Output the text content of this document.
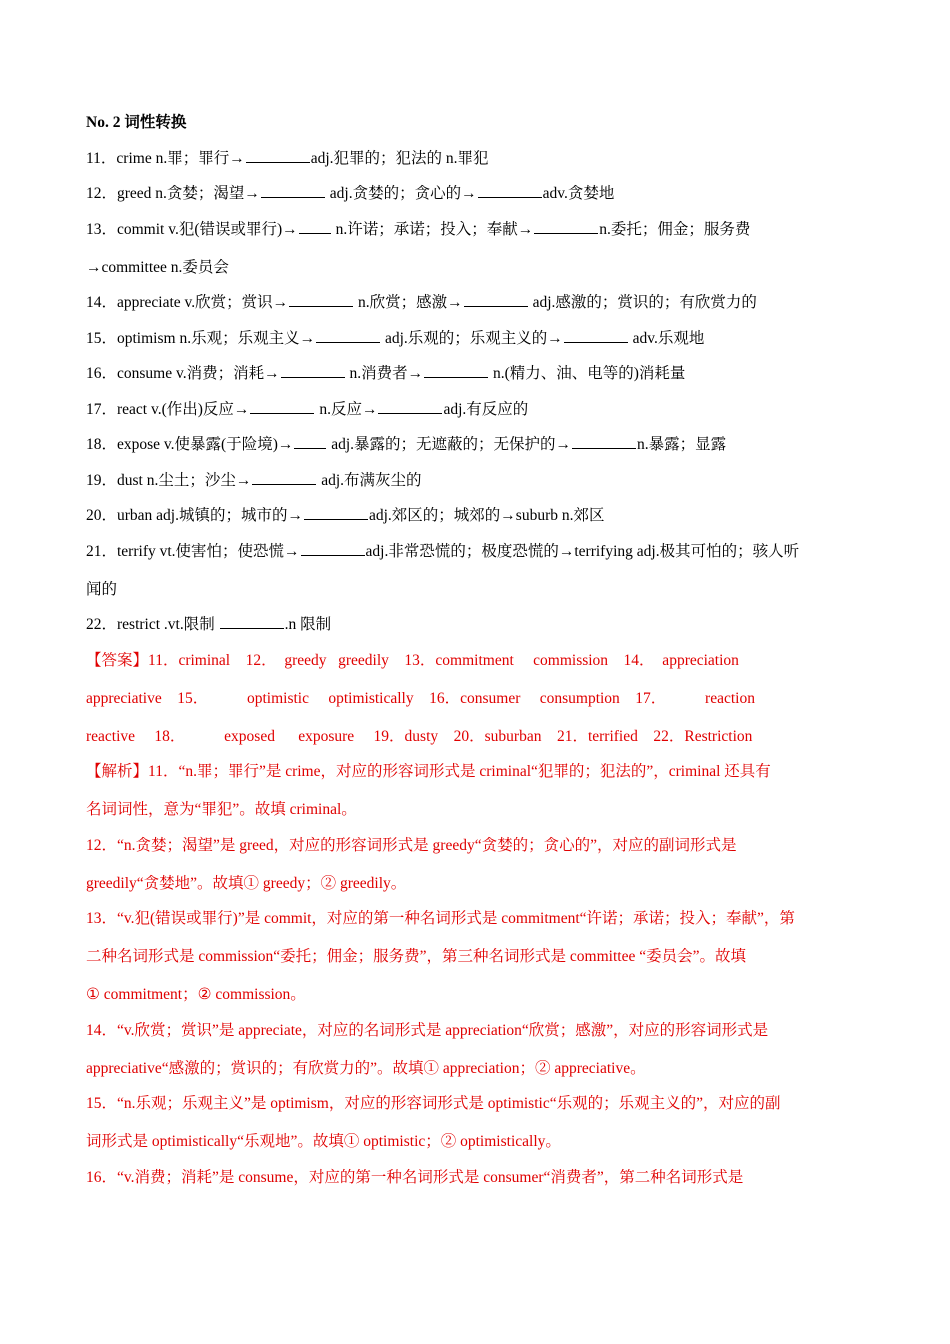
No. 2 词性转换

11．crime n.罪；罪行→	adj.犯罪的；犯法的 n.罪犯

12．greed n.贪婪；渴望→	adj.贪婪的；贪心的→	adv.贪婪地

13．commit v.犯(错误或罪行)→ n.许诺；承诺；投入；奉献→	n.委托；佣金；服务费

→committee n.委员会

14．appreciate v.欣赏；赏识→	n.欣赏；感激→	adj.感激的；赏识的；有欣赏力的

15．optimism n.乐观；乐观主义→	adj.乐观的；乐观主义的→	adv.乐观地

16．consume v.消费；消耗→	n.消费者→	n.(精力、油、电等的)消耗量

17．react v.(作出)反应→	n.反应→	adj.有反应的

18．expose v.使暴露(于险境)→ adj.暴露的；无遮蔽的；无保护的→	n.暴露；显露

19．dust n.尘土；沙尘→	adj.布满灰尘的

20．urban adj.城镇的；城市的→	adj.郊区的；城郊的→suburb n.郊区

21．terrify vt.使害怕；使恐慌→	adj.非常恐慌的；极度恐慌的→terrifying adj.极其可怕的；骇人听

闻的

22．restrict .vt.限制	.n 限制

【答案】11．criminal    12．  greedy   greedily    13．commitment     commission    14．  appreciation

appreciative    15．          optimistic     optimistically    16．consumer     consumption    17．          reaction

reactive     18．          exposed      exposure     19．dusty    20．suburban    21．terrified    22．Restriction

【解析】11．“n.罪；罪行”是 crime，对应的形容词形式是 criminal“犯罪的；犯法的”，criminal 还具有

名词词性，意为“罪犯”。故填 criminal。

12．“n.贪婪；渴望”是 greed，对应的形容词形式是 greedy“贪婪的；贪心的”，对应的副词形式是

greedily“贪婪地”。故填① greedy；② greedily。

13．“v.犯(错误或罪行)”是 commit，对应的第一种名词形式是 commitment“许诺；承诺；投入；奉献”，第

二种名词形式是 commission“委托；佣金；服务费”，第三种名词形式是 committee “委员会”。故填

① commitment；② commission。

14．“v.欣赏；赏识”是 appreciate，对应的名词形式是 appreciation“欣赏；感激”，对应的形容词形式是

appreciative“感激的；赏识的；有欣赏力的”。故填① appreciation；② appreciative。

15．“n.乐观；乐观主义”是 optimism，对应的形容词形式是 optimistic“乐观的；乐观主义的”，对应的副

词形式是 optimistically“乐观地”。故填① optimistic；② optimistically。

16．“v.消费；消耗”是 consume，对应的第一种名词形式是 consumer“消费者”，第二种名词形式是
